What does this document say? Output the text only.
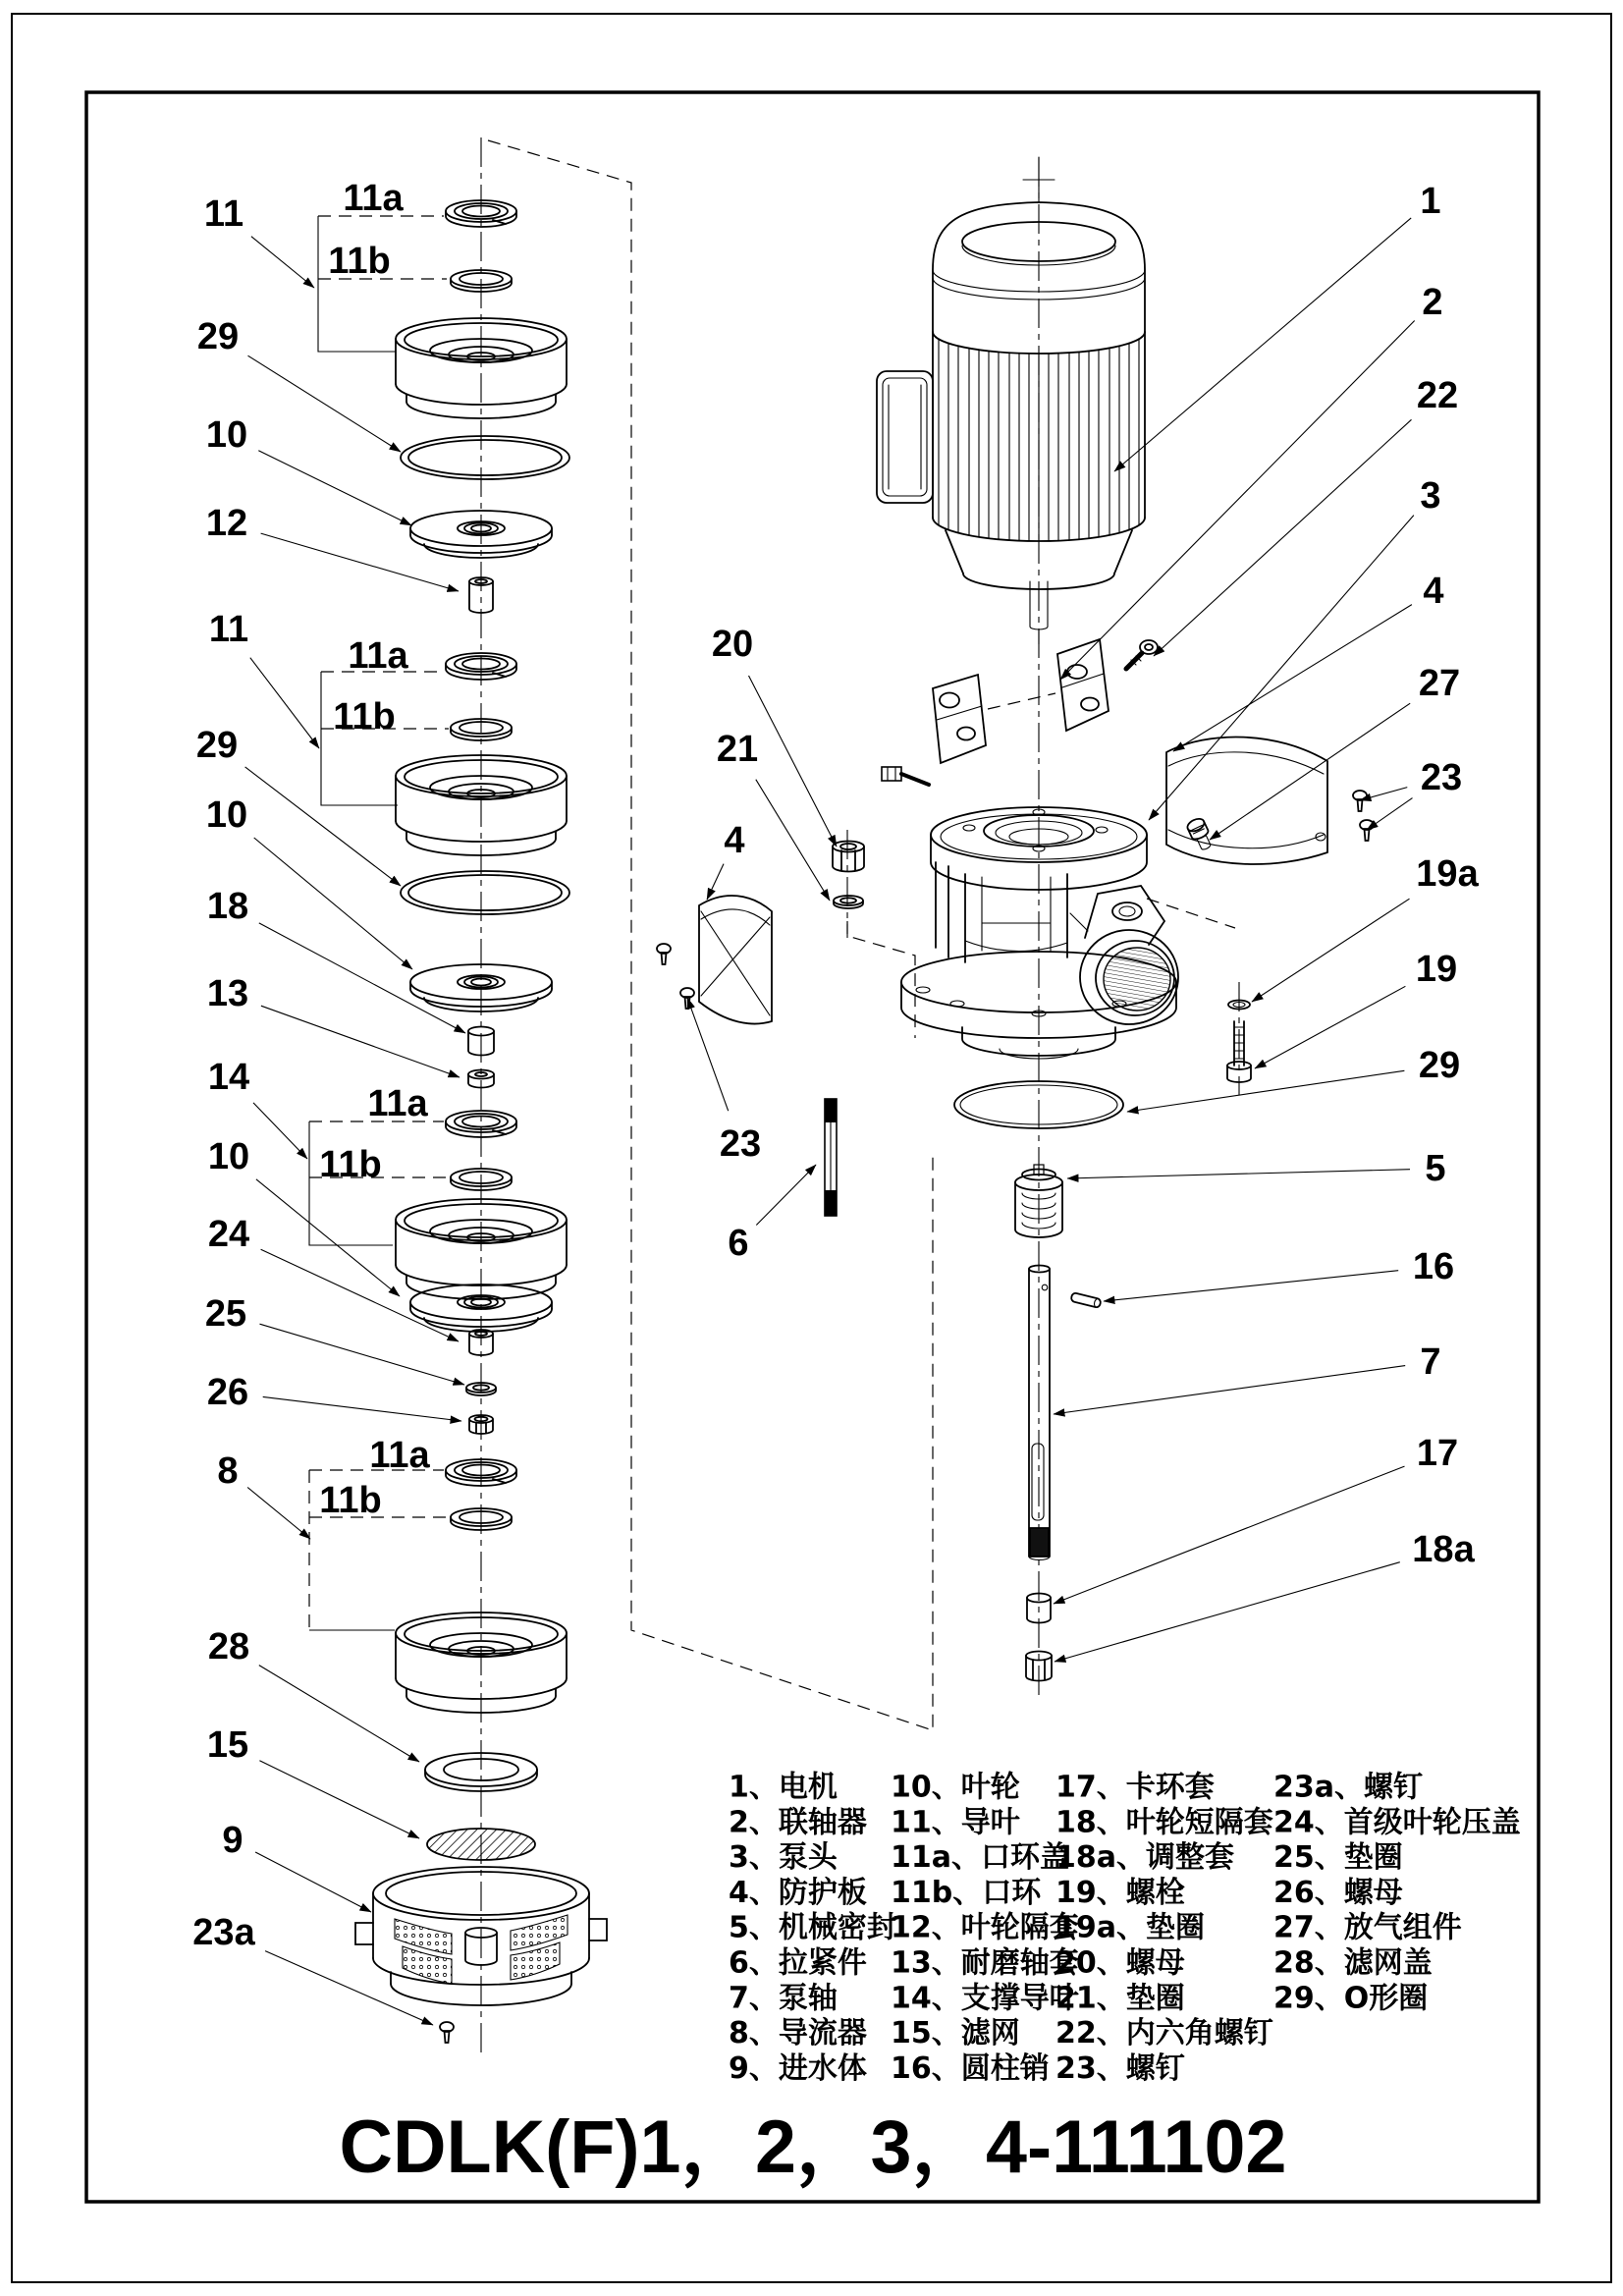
11	11a
11b
29
10
12
11
11a
11b
29
10
18
13
14
11a
10 11b
24
25
26
8	11a
11b
28
15
9
23a
20
21
4
23
6
1
2
22
3
4
27
23
19a
19
29
5
16
7
17
18a
1、电机
2、联轴器
3、泵头
4、防护板
5、机械密封
6、拉紧件
7、泵轴
8、导流器
9、进水体
10、叶轮
11、导叶
11a、口环盖
11b、口环
12、叶轮隔套
13、耐磨轴套
14、支撑导叶
15、滤网
16、圆柱销
17、卡环套
18、叶轮短隔套
18a、调整套
19、螺栓
19a、垫圈
20、螺母
21、垫圈
22、内六角螺钉
23、螺钉
23a、螺钉
24、首级叶轮压盖
25、垫圈
26、螺母
27、放气组件
28、滤网盖
29、O形圈
CDLK(F)1，2，3，4-111102
